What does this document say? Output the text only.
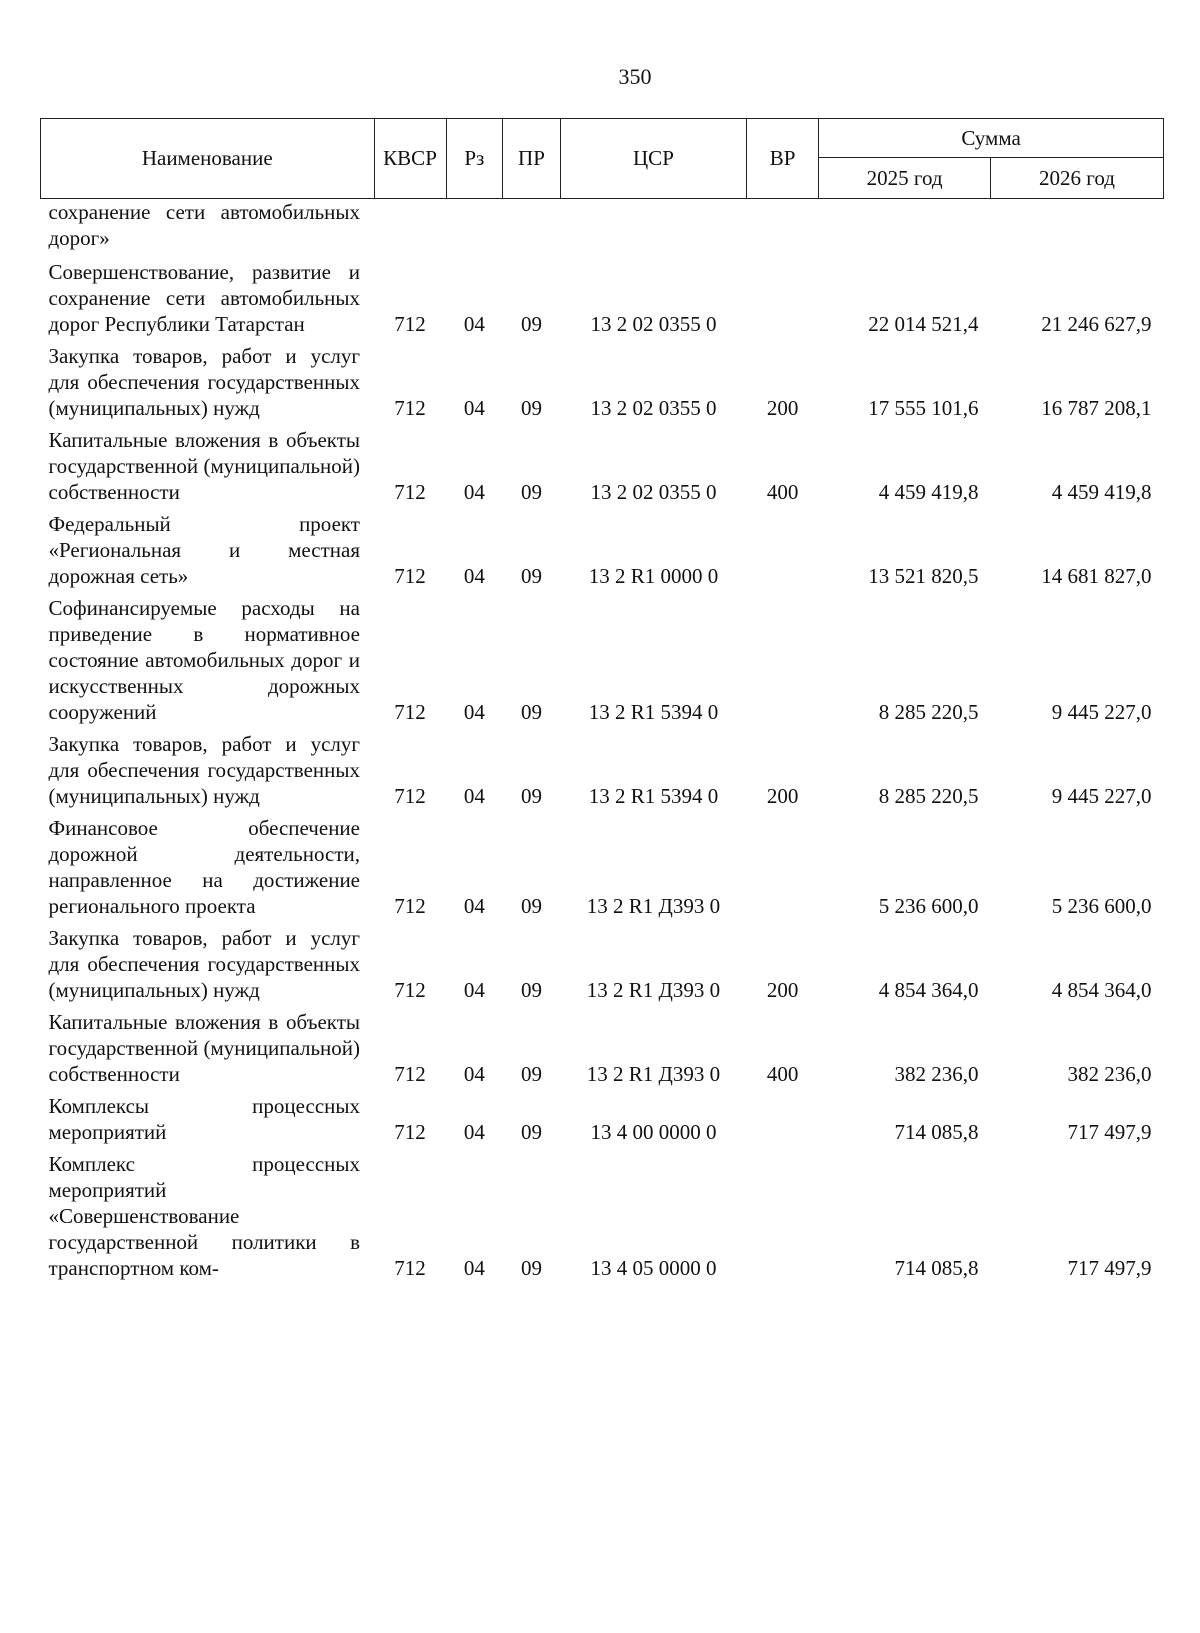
350
Наименование	КВСР	Рз	ПР	ЦСР	ВР	Сумма	
						2025 год	2026 год
сохранение сети автомобильных дорог»							
Совершенствование, развитие и сохранение сети автомобильных дорог Республики Татарстан	712	04	09	13 2 02 0355 0		22 014 521,4	21 246 627,9
Закупка товаров, работ и услуг для обеспечения государственных (муниципальных) нужд	712	04	09	13 2 02 0355 0	200	17 555 101,6	16 787 208,1
Капитальные вложения в объекты государственной (муниципальной) собственности	712	04	09	13 2 02 0355 0	400	4 459 419,8	4 459 419,8
Федеральный проект «Региональная и местная дорожная сеть»	712	04	09	13 2 R1 0000 0		13 521 820,5	14 681 827,0
Софинансируемые расходы на приведение в нормативное состояние автомобильных дорог и искусственных дорожных сооружений	712	04	09	13 2 R1 5394 0		8 285 220,5	9 445 227,0
Закупка товаров, работ и услуг для обеспечения государственных (муниципальных) нужд	712	04	09	13 2 R1 5394 0	200	8 285 220,5	9 445 227,0
Финансовое обеспечение дорожной деятельности, направленное на достижение регионального проекта	712	04	09	13 2 R1 Д393 0		5 236 600,0	5 236 600,0
Закупка товаров, работ и услуг для обеспечения государственных (муниципальных) нужд	712	04	09	13 2 R1 Д393 0	200	4 854 364,0	4 854 364,0
Капитальные вложения в объекты государственной (муниципальной) собственности	712	04	09	13 2 R1 Д393 0	400	382 236,0	382 236,0
Комплексы процессных мероприятий	712	04	09	13 4 00 0000 0		714 085,8	717 497,9
Комплекс процессных мероприятий «Совершенствование государственной политики в транспортном ком-	712	04	09	13 4 05 0000 0		714 085,8	717 497,9
